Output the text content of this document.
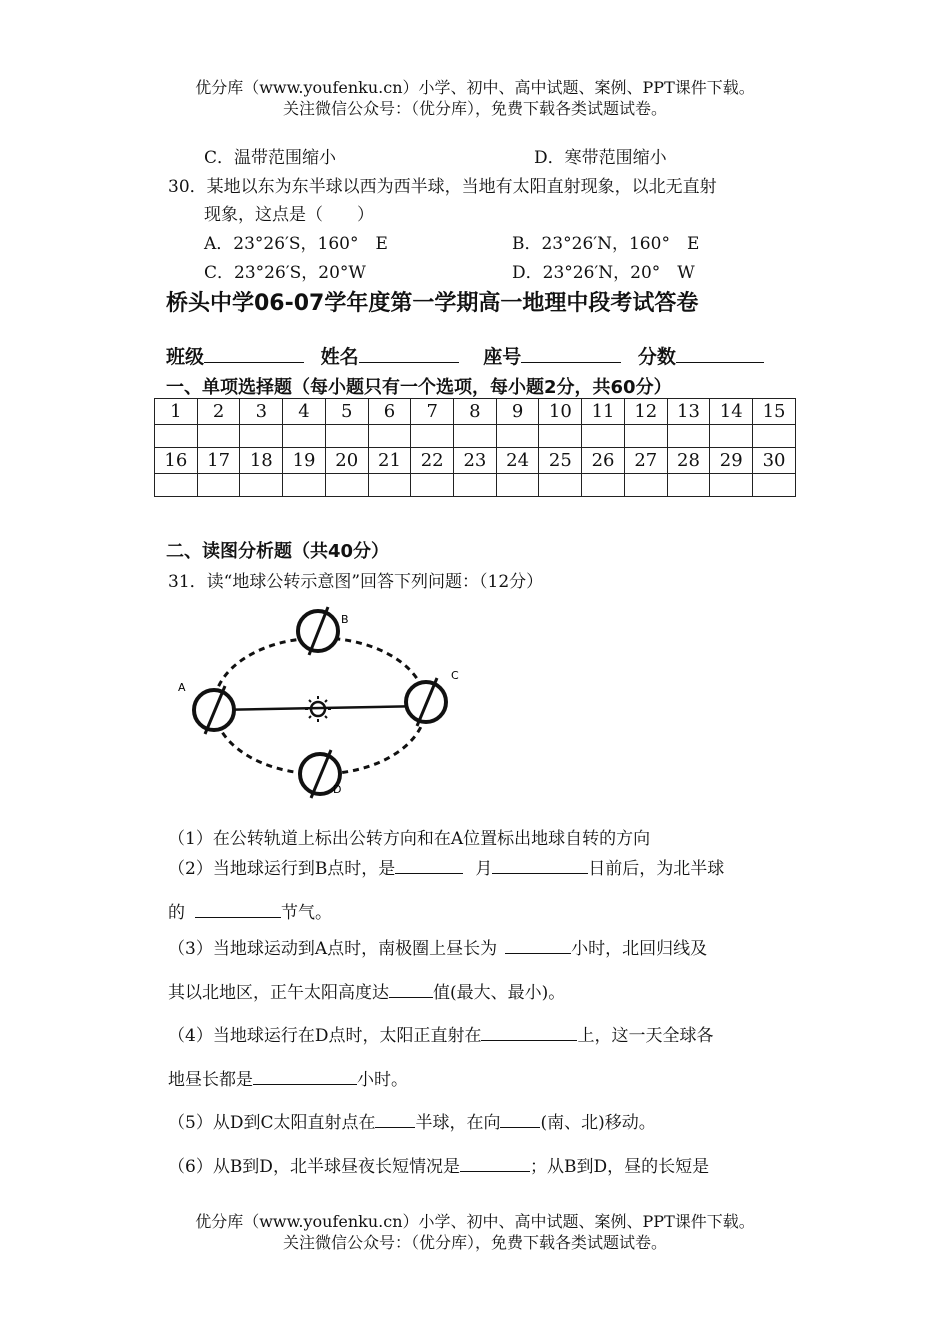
优分库（www.youfenku.cn）小学、初中、高中试题、案例、PPT课件下载。
关注微信公众号：（优分库），免费下载各类试题试卷。
C．温带范围缩小	D．寒带范围缩小
30．某地以东为东半球以西为西半球，当地有太阳直射现象，以北无直射
现象，这点是（　　）
A．23°26′S，160°　E	B．23°26′N，160°　E
C．23°26′S，20°W	D．23°26′N，20°　W
桥头中学06-07学年度第一学期高一地理中段考试答卷
班级	姓名	座号	分数
一、单项选择题（每小题只有一个选项，每小题2分，共60分）
1	2	3	4	5	6	7	8	9	10	11	12	13	14	15

16	17	18	19	20	21	22	23	24	25	26	27	28	29	30

二、读图分析题（共40分）
31．读“地球公转示意图”回答下列问题：（12分）
A
B
C
D
（1）在公转轨道上标出公转方向和在A位置标出地球自转的方向
（2）当地球运行到B点时，是	月	日前后，为北半球
的	节气。
（3）当地球运动到A点时，南极圈上昼长为	小时，北回归线及
其以北地区，正午太阳高度达	值(最大、最小)。
（4）当地球运行在D点时，太阳正直射在	上，这一天全球各
地昼长都是	小时。
（5）从D到C太阳直射点在 半球，在向 (南、北)移动。
（6）从B到D，北半球昼夜长短情况是	；从B到D，昼的长短是
优分库（www.youfenku.cn）小学、初中、高中试题、案例、PPT课件下载。
关注微信公众号：（优分库），免费下载各类试题试卷。
